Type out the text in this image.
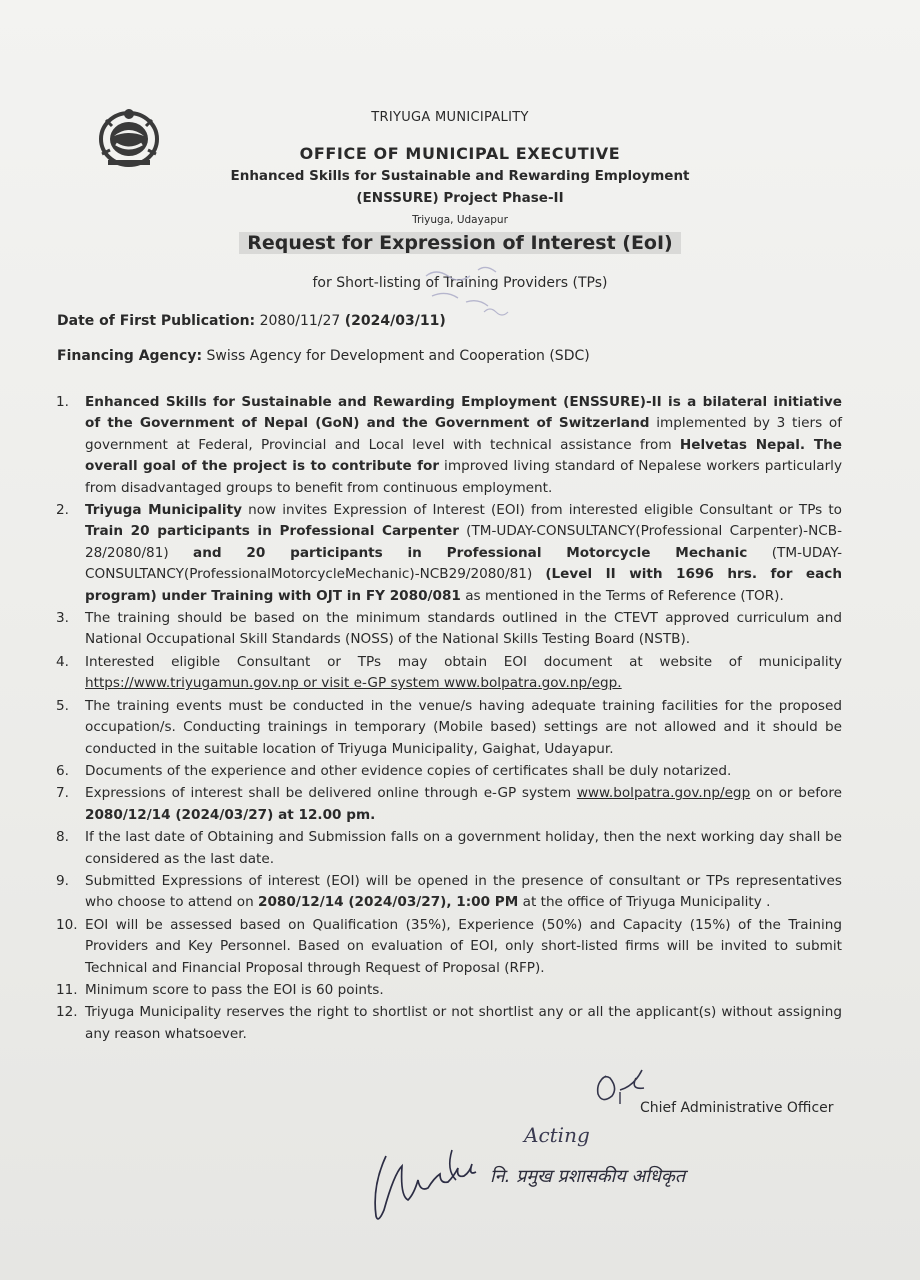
TRIYUGA MUNICIPALITY
OFFICE OF MUNICIPAL EXECUTIVE
Enhanced Skills for Sustainable and Rewarding Employment
(ENSSURE) Project Phase-II
Triyuga, Udayapur
Request for Expression of Interest (EoI)
for Short-listing of Training Providers (TPs)
Date of First Publication: 2080/11/27 (2024/03/11)
Financing Agency: Swiss Agency for Development and Cooperation (SDC)
1. Enhanced Skills for Sustainable and Rewarding Employment (ENSSURE)-II is a bilateral initiative of the Government of Nepal (GoN) and the Government of Switzerland implemented by 3 tiers of government at Federal, Provincial and Local level with technical assistance from Helvetas Nepal. The overall goal of the project is to contribute for improved living standard of Nepalese workers particularly from disadvantaged groups to benefit from continuous employment.
2. Triyuga Municipality now invites Expression of Interest (EOI) from interested eligible Consultant or TPs to Train 20 participants in Professional Carpenter (TM-UDAY-CONSULTANCY(Professional Carpenter)-NCB-28/2080/81) and 20 participants in Professional Motorcycle Mechanic (TM-UDAY-CONSULTANCY(ProfessionalMotorcycleMechanic)-NCB29/2080/81) (Level II with 1696 hrs. for each program) under Training with OJT in FY 2080/081 as mentioned in the Terms of Reference (TOR).
3. The training should be based on the minimum standards outlined in the CTEVT approved curriculum and National Occupational Skill Standards (NOSS) of the National Skills Testing Board (NSTB).
4. Interested eligible Consultant or TPs may obtain EOI document at website of municipality https://www.triyugamun.gov.np or visit e-GP system www.bolpatra.gov.np/egp.
5. The training events must be conducted in the venue/s having adequate training facilities for the proposed occupation/s. Conducting trainings in temporary (Mobile based) settings are not allowed and it should be conducted in the suitable location of Triyuga Municipality, Gaighat, Udayapur.
6. Documents of the experience and other evidence copies of certificates shall be duly notarized.
7. Expressions of interest shall be delivered online through e-GP system www.bolpatra.gov.np/egp on or before 2080/12/14 (2024/03/27) at 12.00 pm.
8. If the last date of Obtaining and Submission falls on a government holiday, then the next working day shall be considered as the last date.
9. Submitted Expressions of interest (EOI) will be opened in the presence of consultant or TPs representatives who choose to attend on 2080/12/14 (2024/03/27), 1:00 PM at the office of Triyuga Municipality .
10. EOI will be assessed based on Qualification (35%), Experience (50%) and Capacity (15%) of the Training Providers and Key Personnel. Based on evaluation of EOI, only short-listed firms will be invited to submit Technical and Financial Proposal through Request of Proposal (RFP).
11. Minimum score to pass the EOI is 60 points.
12. Triyuga Municipality reserves the right to shortlist or not shortlist any or all the applicant(s) without assigning any reason whatsoever.
Chief Administrative Officer
Acting
नि. प्रमुख प्रशासकीय अधिकृत
